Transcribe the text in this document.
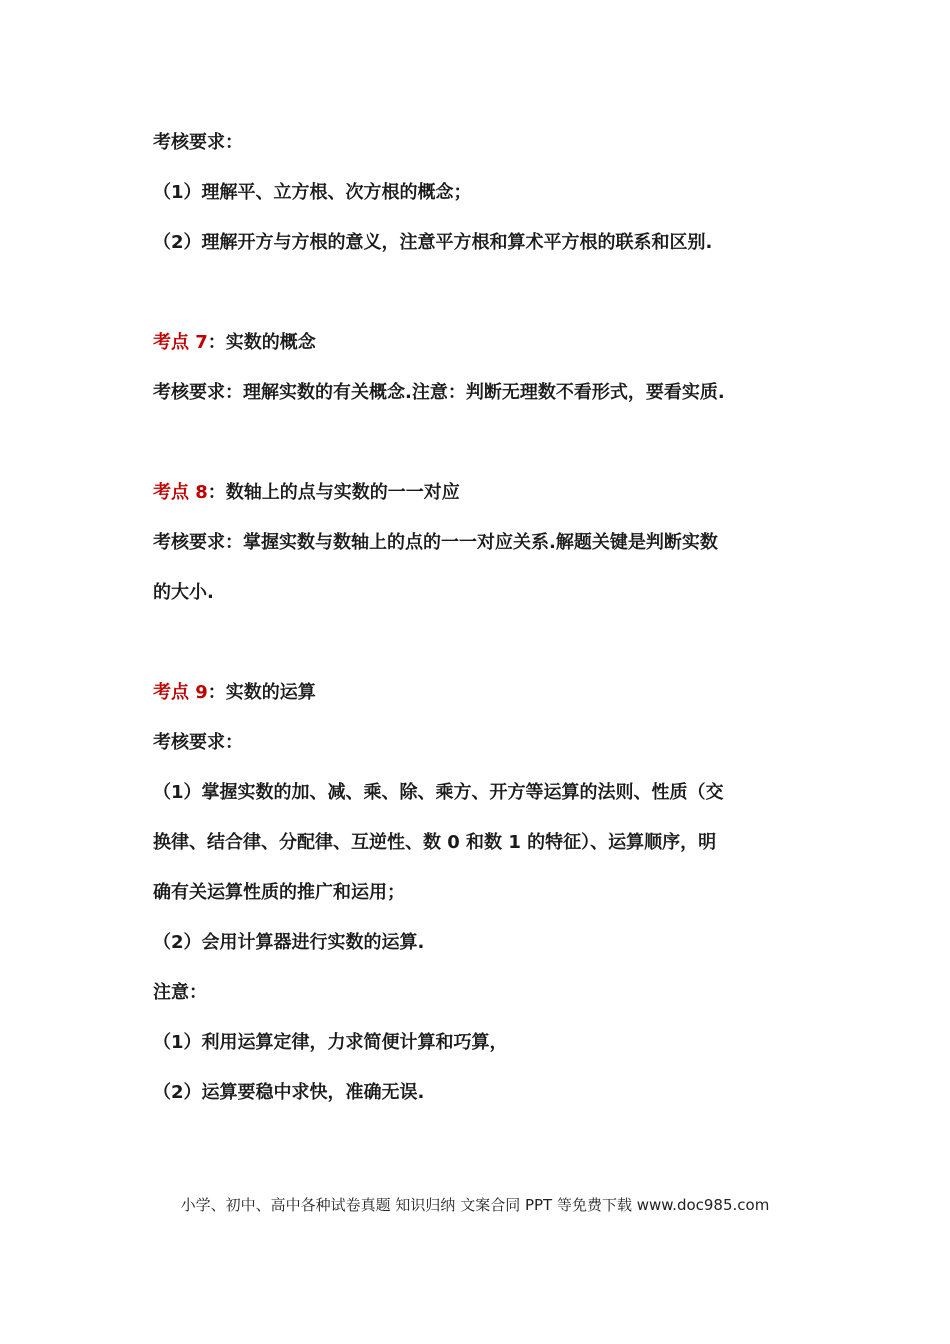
考核要求：
（1）理解平、立方根、次方根的概念；
（2）理解开方与方根的意义，注意平方根和算术平方根的联系和区别.
考点 7：实数的概念
考核要求：理解实数的有关概念.注意：判断无理数不看形式，要看实质.
考点 8：数轴上的点与实数的一一对应
考核要求：掌握实数与数轴上的点的一一对应关系.解题关键是判断实数
的大小.
考点 9：实数的运算
考核要求：
（1）掌握实数的加、减、乘、除、乘方、开方等运算的法则、性质（交
换律、结合律、分配律、互逆性、数 0 和数 1 的特征）、运算顺序，明
确有关运算性质的推广和运用；
（2）会用计算器进行实数的运算.
注意：
（1）利用运算定律，力求简便计算和巧算，
（2）运算要稳中求快，准确无误.
小学、初中、高中各种试卷真题 知识归纳 文案合同 PPT 等免费下载 www.doc985.com
